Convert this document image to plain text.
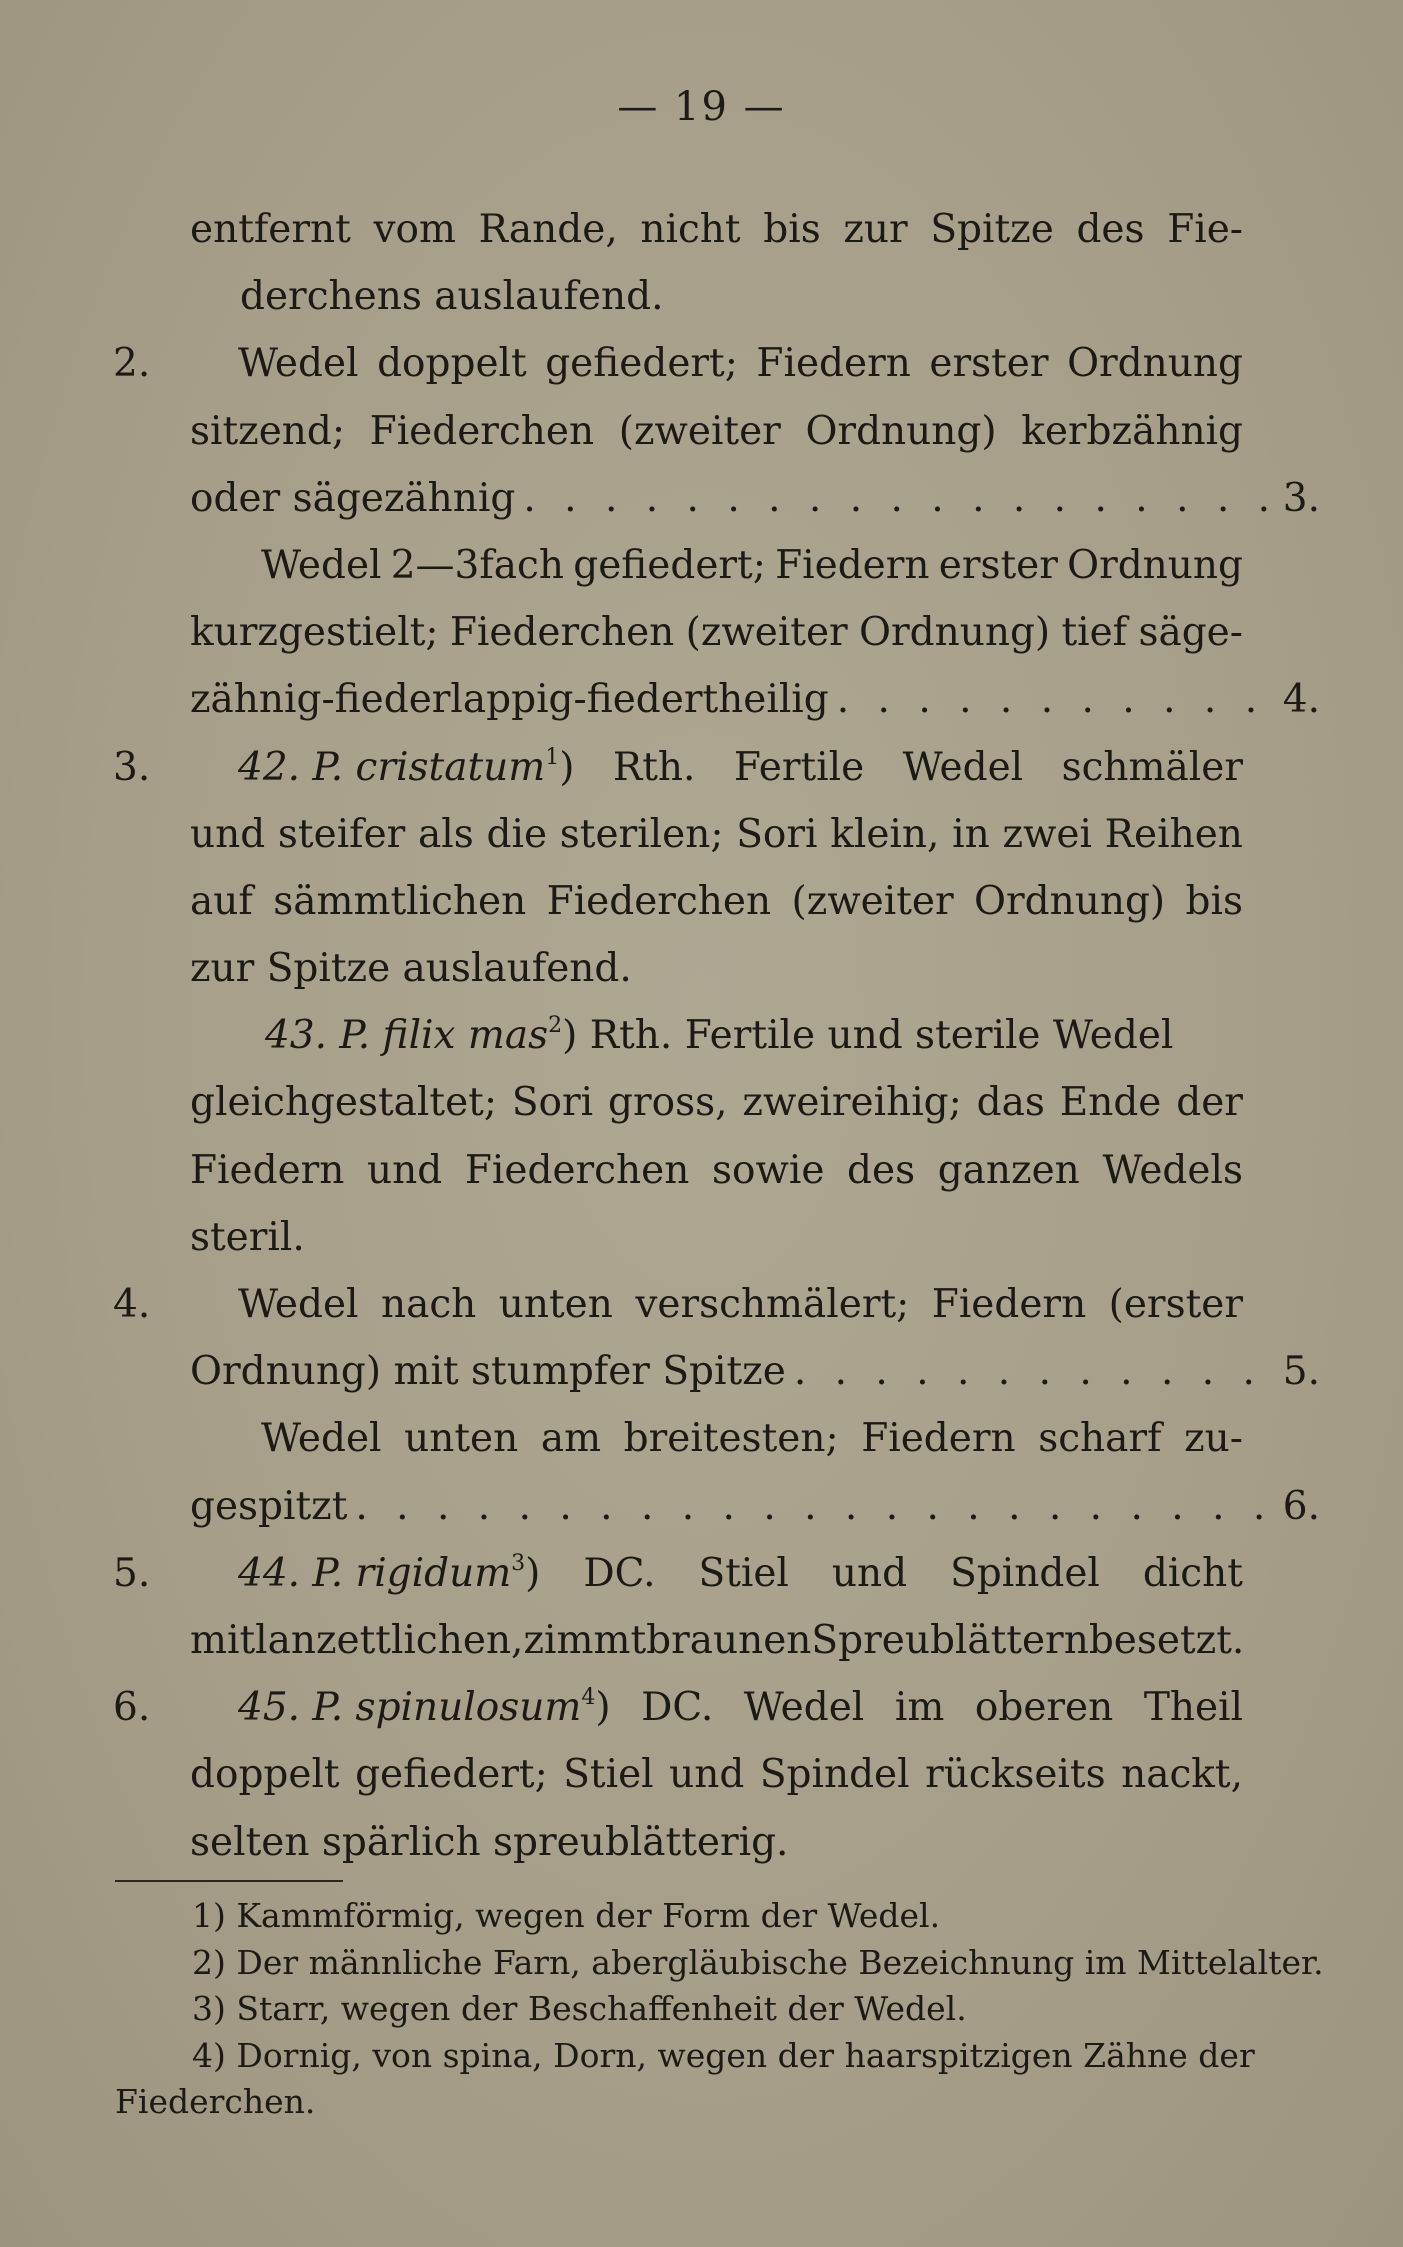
— 19 —
entfernt vom Rande, nicht bis zur Spitze des Fie-
derchens auslaufend.
2. Wedel doppelt gefiedert; Fiedern erster Ordnung
sitzend; Fiederchen (zweiter Ordnung) kerbzähnig
oder sägezähnig . . .	3.
Wedel 2—3fach gefiedert; Fiedern erster Ordnung
kurzgestielt; Fiederchen (zweiter Ordnung) tief säge-
zähnig-fiederlappig-fiedertheilig . . .	4.
3. 42. P. cristatum$^1$) Rth. Fertile Wedel schmäler
und steifer als die sterilen; Sori klein, in zwei Reihen
auf sämmtlichen Fiederchen (zweiter Ordnung) bis
zur Spitze auslaufend.
43. P. filix mas$^2$) Rth. Fertile und sterile Wedel
gleichgestaltet; Sori gross, zweireihig; das Ende der
Fiedern und Fiederchen sowie des ganzen Wedels
steril.
4. Wedel nach unten verschmälert; Fiedern (erster
Ordnung) mit stumpfer Spitze . . .	5.
Wedel unten am breitesten; Fiedern scharf zu-
gespitzt . . .	6.
5. 44. P. rigidum$^3$) DC. Stiel und Spindel dicht
mit lanzettlichen, zimmtbraunen Spreublättern besetzt.
6. 45. P. spinulosum$^4$) DC. Wedel im oberen Theil
doppelt gefiedert; Stiel und Spindel rückseits nackt,
selten spärlich spreublätterig.
1) Kammförmig, wegen der Form der Wedel.
2) Der männliche Farn, abergläubische Bezeichnung im Mittelalter.
3) Starr, wegen der Beschaffenheit der Wedel.
4) Dornig, von spina, Dorn, wegen der haarspitzigen Zähne der
Fiederchen.
